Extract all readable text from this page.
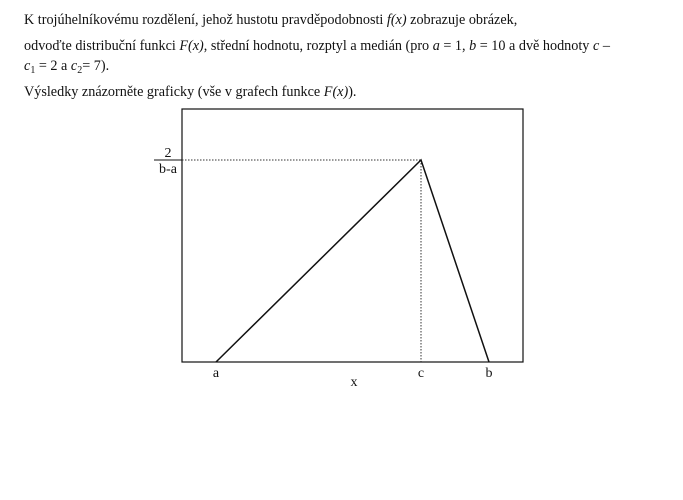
K trojúhelníkovému rozdělení, jehož hustotu pravděpodobnosti f(x) zobrazuje obrázek,

odvoďte distribuční funkci F(x), střední hodnotu, rozptyl a medián (pro a = 1, b = 10 a dvě hodnoty c –
$c_1 = 2$ a $c_2= 7$).

Výsledky znázorněte graficky (vše v grafech funkce F(x)).

2
b-a
a	c	b
x
